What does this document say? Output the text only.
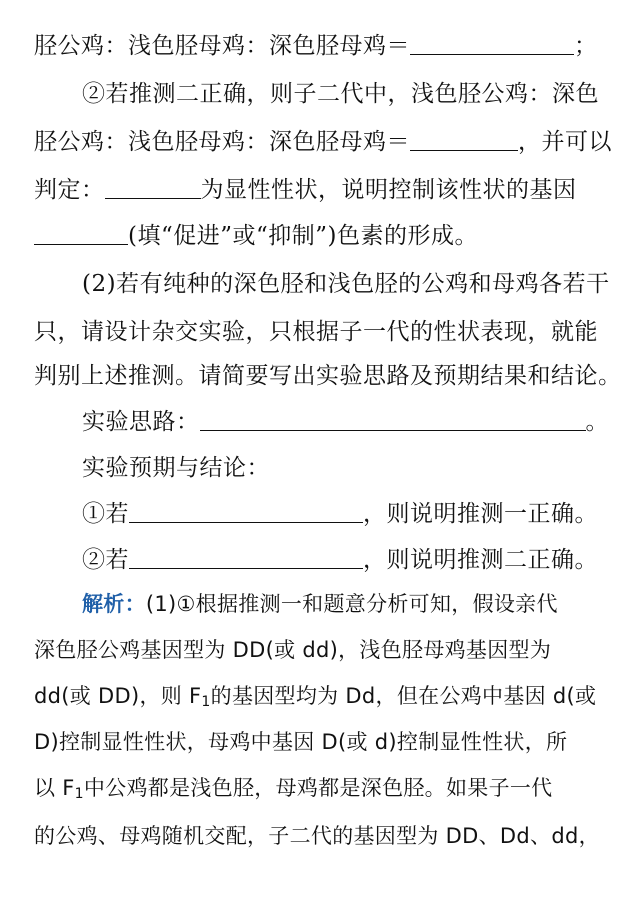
胫公鸡：浅色胫母鸡：深色胫母鸡＝	；
②若推测二正确，则子二代中，浅色胫公鸡：深色
胫公鸡：浅色胫母鸡：深色胫母鸡＝	，并可以
判定：	为显性性状，说明控制该性状的基因
(填“促进”或“抑制”)色素的形成。
(2)若有纯种的深色胫和浅色胫的公鸡和母鸡各若干
只，请设计杂交实验，只根据子一代的性状表现，就能
判别上述推测。请简要写出实验思路及预期结果和结论。
实验思路：	。
实验预期与结论：
①若	，则说明推测一正确。
②若	，则说明推测二正确。
解析：(1)①根据推测一和题意分析可知，假设亲代
深色胫公鸡基因型为 DD(或 dd)，浅色胫母鸡基因型为
dd(或 DD)，则 $F_1$的基因型均为 Dd，但在公鸡中基因 d(或
D)控制显性性状，母鸡中基因 D(或 d)控制显性性状，所
以 $F_1$中公鸡都是浅色胫，母鸡都是深色胫。如果子一代
的公鸡、母鸡随机交配，子二代的基因型为 DD、Dd、dd，
